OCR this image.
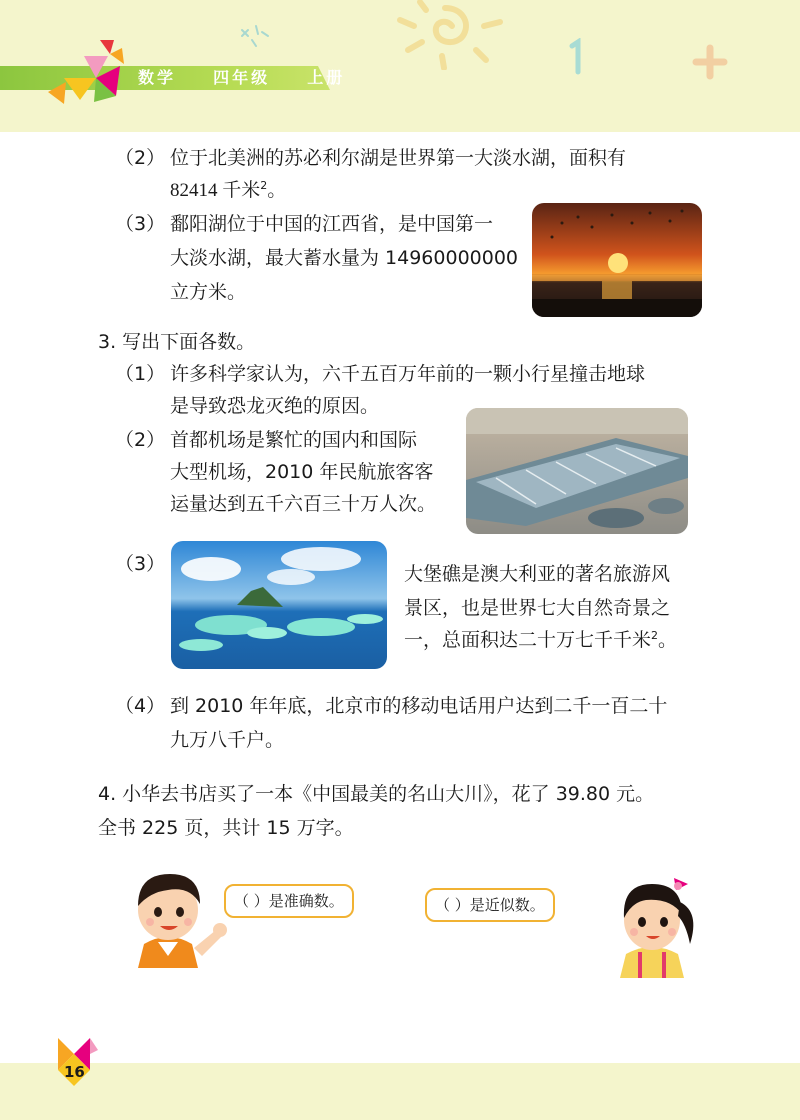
数学  四年级  上册
（2） 位于北美洲的苏必利尔湖是世界第一大淡水湖，面积有
82414 千米$^2$。
（3） 鄱阳湖位于中国的江西省，是中国第一
大淡水湖，最大蓄水量为 14960000000
立方米。
3. 写出下面各数。
（1） 许多科学家认为，六千五百万年前的一颗小行星撞击地球
是导致恐龙灭绝的原因。
（2） 首都机场是繁忙的国内和国际
大型机场，2010 年民航旅客客
运量达到五千六百三十万人次。
（3）	大堡礁是澳大利亚的著名旅游风
景区，也是世界七大自然奇景之
一，总面积达二十万七千千米$^2$。
（4） 到 2010 年年底，北京市的移动电话用户达到二千一百二十
九万八千户。
4. 小华去书店买了一本《中国最美的名山大川》，花了 39.80 元。
全书 225 页，共计 15 万字。
（ ）是准确数。	（ ）是近似数。
16
